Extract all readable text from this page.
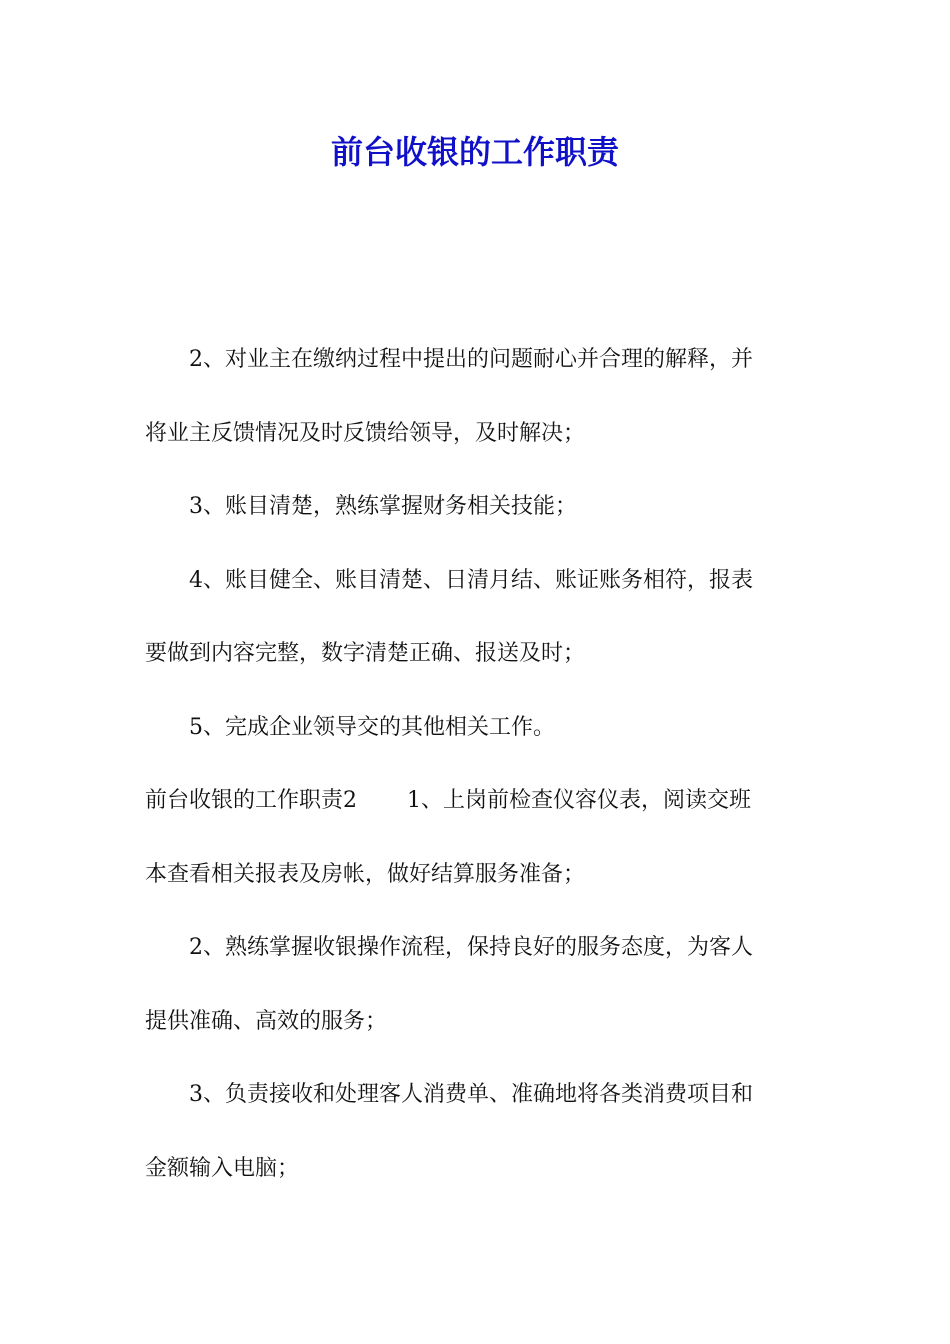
前台收银的工作职责
2、对业主在缴纳过程中提出的问题耐心并合理的解释，并
将业主反馈情况及时反馈给领导，及时解决；
3、账目清楚，熟练掌握财务相关技能；
4、账目健全、账目清楚、日清月结、账证账务相符，报表
要做到内容完整，数字清楚正确、报送及时；
5、完成企业领导交的其他相关工作。
前台收银的工作职责2 1、上岗前检查仪容仪表，阅读交班
本查看相关报表及房帐，做好结算服务准备；
2、熟练掌握收银操作流程，保持良好的服务态度，为客人
提供准确、高效的服务；
3、负责接收和处理客人消费单、准确地将各类消费项目和
金额输入电脑；
